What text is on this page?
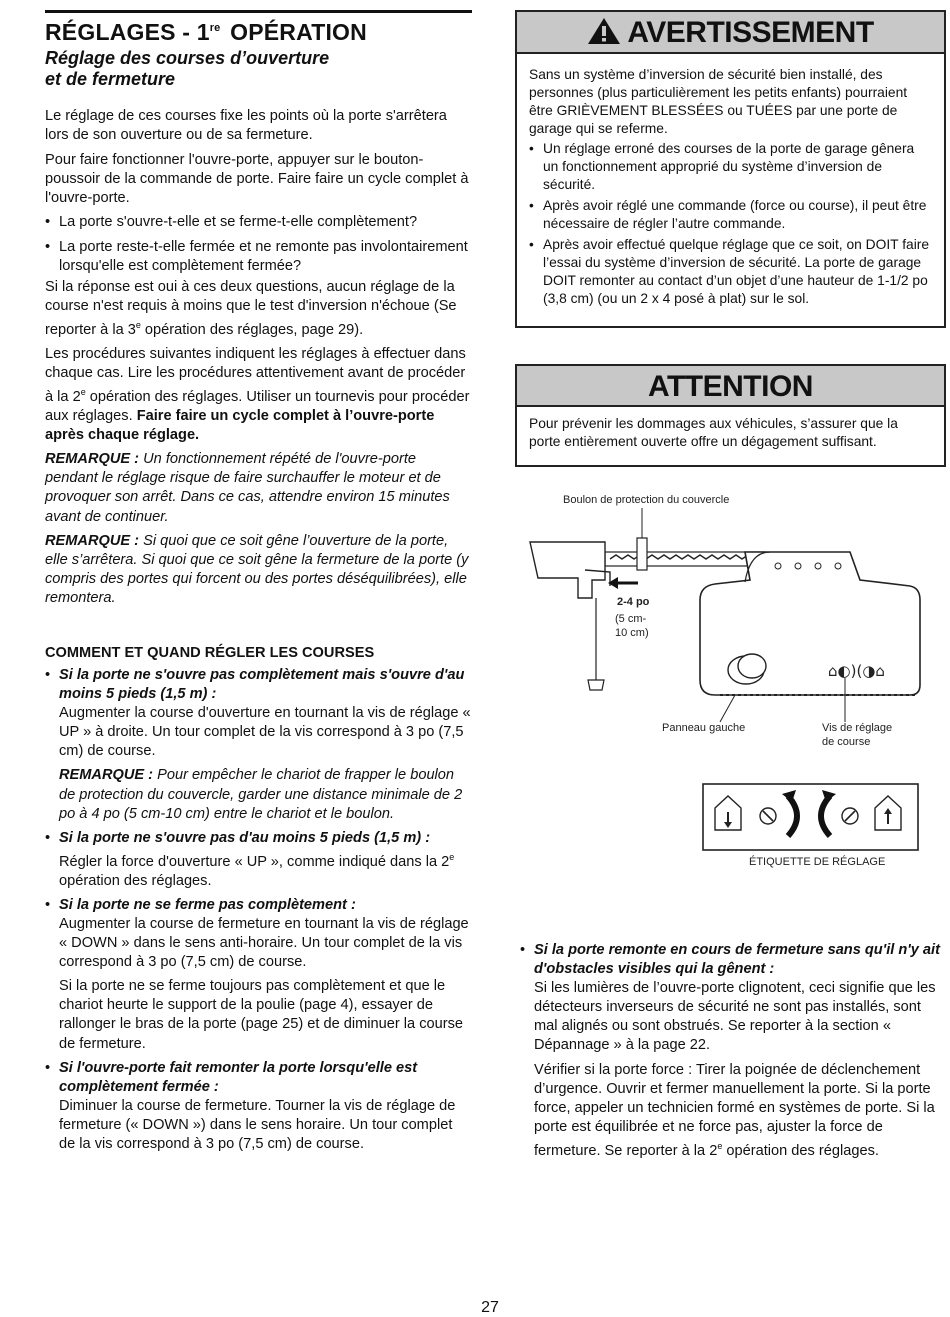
RÉGLAGES - 1re OPÉRATION
Réglage des courses d’ouverture
et de fermeture

Le réglage de ces courses fixe les points où la porte s'arrêtera lors de son ouverture ou de sa fermeture.

Pour faire fonctionner l'ouvre-porte, appuyer sur le bouton-poussoir de la commande de porte. Faire faire un cycle complet à l'ouvre-porte.

• La porte s'ouvre-t-elle et se ferme-t-elle complètement?

• La porte reste-t-elle fermée et ne remonte pas involontairement lorsqu'elle est complètement fermée?

Si la réponse est oui à ces deux questions, aucun réglage de la course n'est requis à moins que le test d'inversion n'échoue (Se reporter à la 3e opération des réglages, page 29).

Les procédures suivantes indiquent les réglages à effectuer dans chaque cas. Lire les procédures attentivement avant de procéder à la 2e opération des réglages. Utiliser un tournevis pour procéder aux réglages. Faire faire un cycle complet à l’ouvre-porte après chaque réglage.

REMARQUE : Un fonctionnement répété de l'ouvre-porte pendant le réglage risque de faire surchauffer le moteur et de provoquer son arrêt. Dans ce cas, attendre environ 15 minutes avant de continuer.

REMARQUE : Si quoi que ce soit gêne l’ouverture de la porte, elle s’arrêtera. Si quoi que ce soit gêne la fermeture de la porte (y compris des portes qui forcent ou des portes déséquilibrées), elle remontera.

COMMENT ET QUAND RÉGLER LES COURSES
• Si la porte ne s'ouvre pas complètement mais s'ouvre d'au moins 5 pieds (1,5 m) :
Augmenter la course d'ouverture en tournant la vis de réglage « UP » à droite. Un tour complet de la vis correspond à 3 po (7,5 cm) de course.
REMARQUE : Pour empêcher le chariot de frapper le boulon de protection du couvercle, garder une distance minimale de 2 po à 4 po (5 cm-10 cm) entre le chariot et le boulon.
• Si la porte ne s'ouvre pas d'au moins 5 pieds (1,5 m) :
Régler la force d'ouverture « UP », comme indiqué dans la 2e opération des réglages.
• Si la porte ne se ferme pas complètement :
Augmenter la course de fermeture en tournant la vis de réglage « DOWN » dans le sens anti-horaire. Un tour complet de la vis correspond à 3 po (7,5 cm) de course.
Si la porte ne se ferme toujours pas complètement et que le chariot heurte le support de la poulie (page 4), essayer de rallonger le bras de la porte (page 25) et de diminuer la course de fermeture.
• Si l'ouvre-porte fait remonter la porte lorsqu'elle est complètement fermée :
Diminuer la course de fermeture. Tourner la vis de réglage de fermeture (« DOWN ») dans le sens horaire. Un tour complet de la vis correspond à 3 po (7,5 cm) de course.
AVERTISSEMENT
Sans un système d’inversion de sécurité bien installé, des personnes (plus particulièrement les petits enfants) pourraient être GRIÈVEMENT BLESSÉES ou TUÉES par une porte de garage qui se referme.
• Un réglage erroné des courses de la porte de garage gênera un fonctionnement approprié du système d’inversion de sécurité.
• Après avoir réglé une commande (force ou course), il peut être nécessaire de régler l’autre commande.
• Après avoir effectué quelque réglage que ce soit, on DOIT faire l’essai du système d’inversion de sécurité. La porte de garage DOIT remonter au contact d’un objet d’une hauteur de 1-1/2 po (3,8 cm) (ou un 2 x 4 posé à plat) sur le sol.
ATTENTION
Pour prévenir les dommages aux véhicules, s’assurer que la porte entièrement ouverte offre un dégagement suffisant.
⌂◐)(◑⌂
Boulon de protection du couvercle
2-4 po
(5 cm-
10 cm)
Panneau gauche	Vis de réglage
de course
ÉTIQUETTE DE RÉGLAGE
• Si la porte remonte en cours de fermeture sans qu'il n'y ait d'obstacles visibles qui la gênent :
Si les lumières de l’ouvre-porte clignotent, ceci signifie que les détecteurs inverseurs de sécurité ne sont pas installés, sont mal alignés ou sont obstrués. Se reporter à la section « Dépannage » à la page 22.
Vérifier si la porte force : Tirer la poignée de déclenchement d’urgence. Ouvrir et fermer manuellement la porte. Si la porte force, appeler un technicien formé en systèmes de porte. Si la porte est équilibrée et ne force pas, ajuster la force de fermeture. Se reporter à la 2e opération des réglages.
27
